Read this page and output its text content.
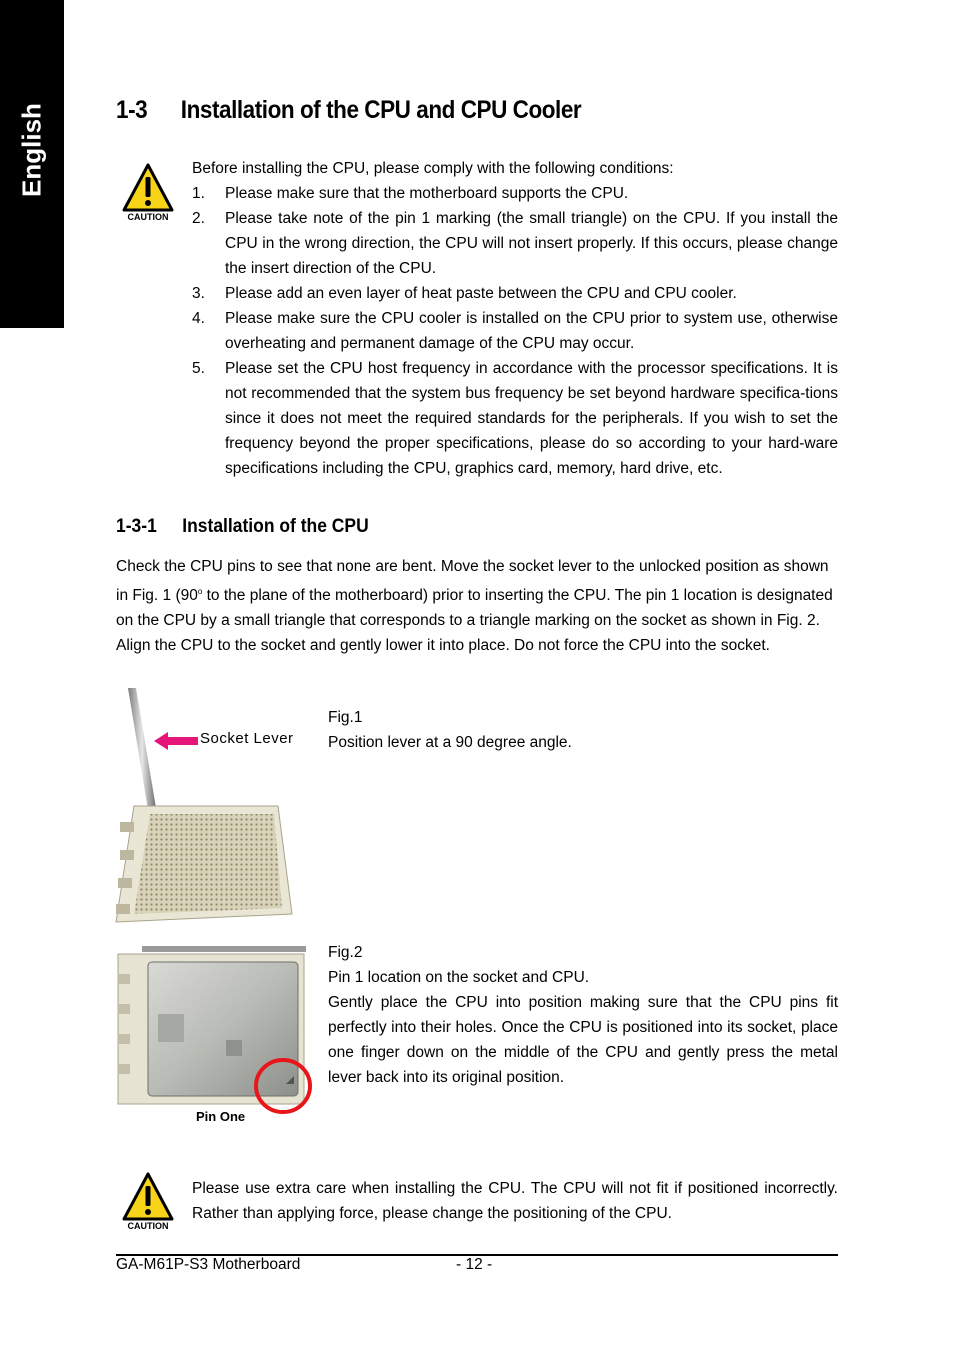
English	1-3 Installation of the CPU and CPU Cooler
CAUTION
Before installing the CPU, please comply with the following conditions:
1. Please make sure that the motherboard supports the CPU.
2. Please take note of the pin 1 marking (the small triangle) on the CPU. If you install the CPU in the wrong direction, the CPU will not insert properly. If this occurs, please change the insert direction of the CPU.
3. Please add an even layer of heat paste between the CPU and CPU cooler.
4. Please make sure the CPU cooler is installed on the CPU prior to system use, otherwise overheating and permanent damage of the CPU may occur.
5. Please set the CPU host frequency in accordance with the processor specifications. It is not recommended that the system bus frequency be set beyond hardware specifica-tions since it does not meet the required standards for the peripherals. If you wish to set the frequency beyond the proper specifications, please do so according to your hard-ware specifications including the CPU, graphics card, memory, hard drive, etc.
1-3-1 Installation of the CPU
Check the CPU pins to see that none are bent. Move the socket lever to the unlocked position as shown in Fig. 1 (90$^o$ to the plane of the motherboard) prior to inserting the CPU. The pin 1 location is designated on the CPU by a small triangle that corresponds to a triangle marking on the socket as shown in Fig. 2. Align the CPU to the socket and gently lower it into place. Do not force the CPU into the socket.
Socket Lever
Fig.1
Position lever at a 90 degree angle.
Pin One
Fig.2
Pin 1 location on the socket and CPU.
Gently place the CPU into position making sure that the CPU pins fit perfectly into their holes. Once the CPU is positioned into its socket, place one finger down on the middle of the CPU and gently press the metal lever back into its original position.
CAUTION
Please use extra care when installing the CPU. The CPU will not fit if positioned incorrectly. Rather than applying force, please change the positioning of the CPU.
GA-M61P-S3 Motherboard	- 12 -
